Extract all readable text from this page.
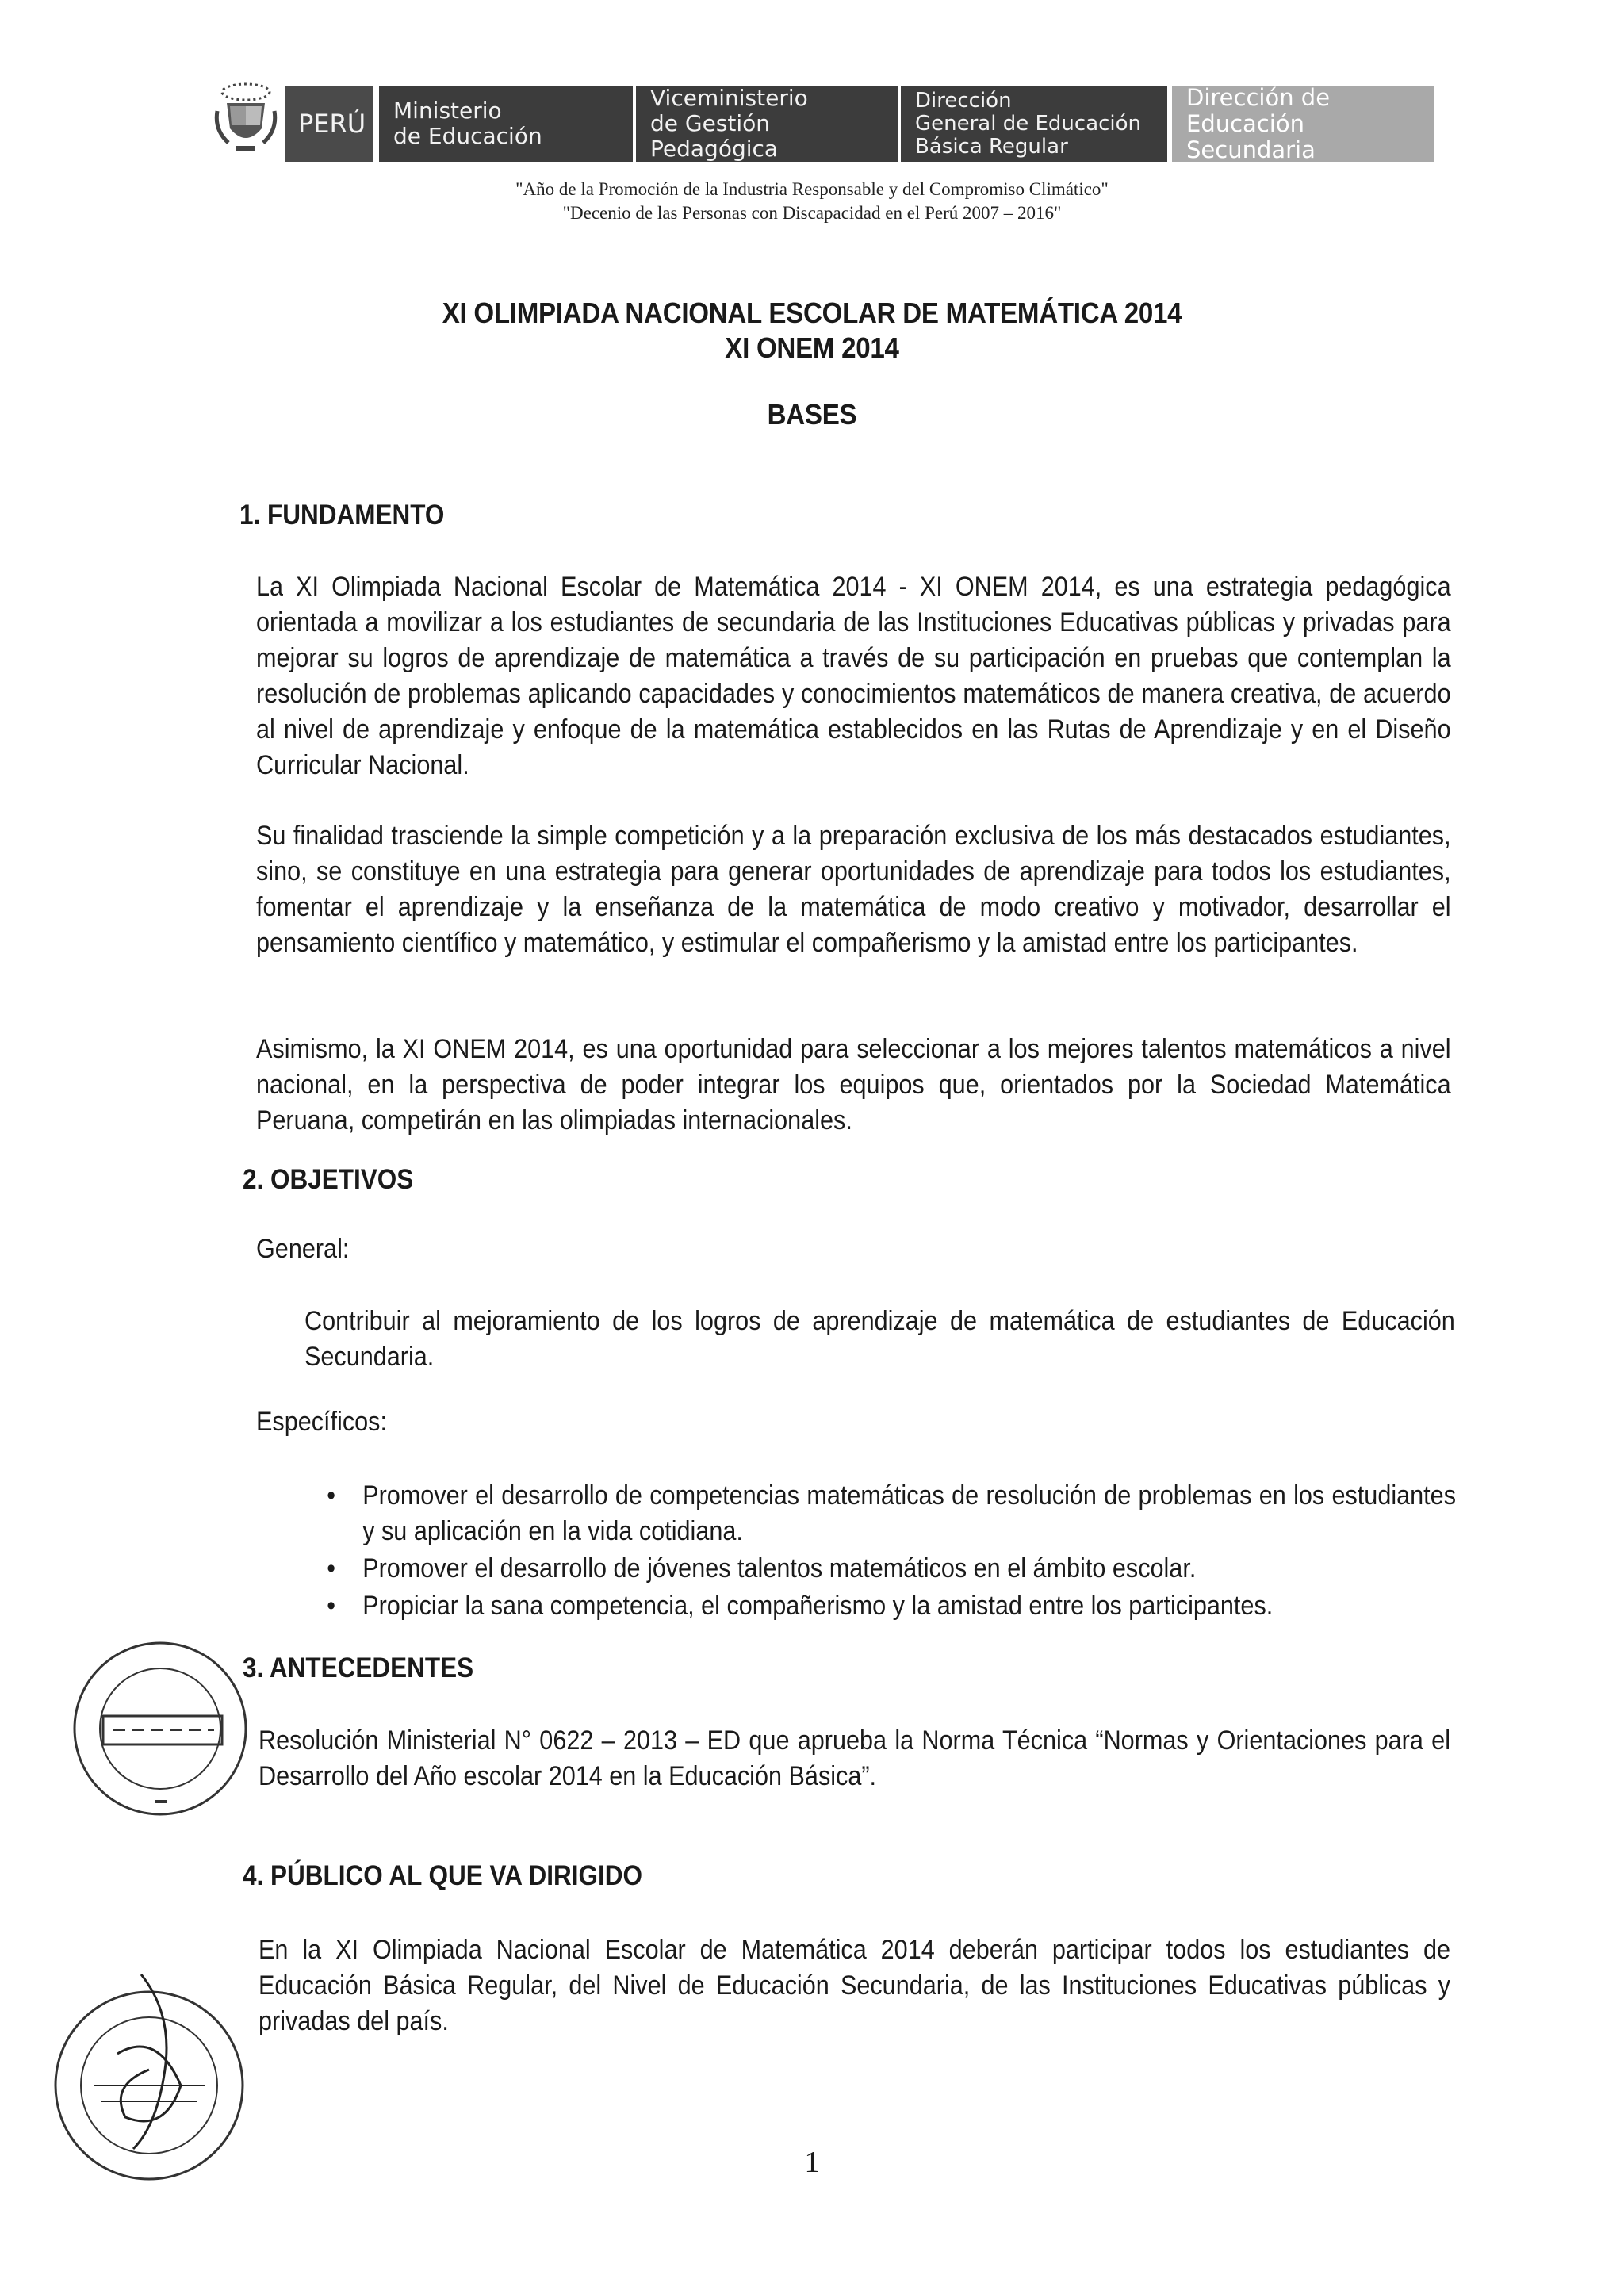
PERÚ Ministerio
de Educación
Viceministerio
de Gestión Pedagógica
Dirección
General de Educación
Básica Regular
Dirección de
Educación Secundaria
"Año de la Promoción de la Industria Responsable y del Compromiso Climático"
"Decenio de las Personas con Discapacidad en el Perú 2007 – 2016"
XI OLIMPIADA NACIONAL ESCOLAR DE MATEMÁTICA 2014
XI ONEM 2014
BASES
1. FUNDAMENTO
La XI Olimpiada Nacional Escolar de Matemática 2014 - XI ONEM 2014, es una estrategia pedagógica orientada a movilizar a los estudiantes de secundaria de las Instituciones Educativas públicas y privadas para mejorar su logros de aprendizaje de matemática a través de su participación en pruebas que contemplan la resolución de problemas aplicando capacidades y conocimientos matemáticos de manera creativa, de acuerdo al nivel de aprendizaje y enfoque de la matemática establecidos en las Rutas de Aprendizaje y en el Diseño Curricular Nacional.
Su finalidad trasciende la simple competición y a la preparación exclusiva de los más destacados estudiantes, sino, se constituye en una estrategia para generar oportunidades de aprendizaje para todos los estudiantes, fomentar el aprendizaje y la enseñanza de la matemática de modo creativo y motivador, desarrollar el pensamiento científico y matemático, y estimular el compañerismo y la amistad entre los participantes.
Asimismo, la XI ONEM 2014, es una oportunidad para seleccionar a los mejores talentos matemáticos a nivel nacional, en la perspectiva de poder integrar los equipos que, orientados por la Sociedad Matemática Peruana, competirán en las olimpiadas internacionales.
2. OBJETIVOS
General:
Contribuir al mejoramiento de los logros de aprendizaje de matemática de estudiantes de Educación Secundaria.
Específicos:
• Promover el desarrollo de competencias matemáticas de resolución de problemas en los estudiantes y su aplicación en la vida cotidiana.
• Promover el desarrollo de jóvenes talentos matemáticos en el ámbito escolar.
• Propiciar la sana competencia, el compañerismo y la amistad entre los participantes.
3. ANTECEDENTES
Resolución Ministerial N° 0622 – 2013 – ED que aprueba la Norma Técnica “Normas y Orientaciones para el Desarrollo del Año escolar 2014 en la Educación Básica”.
4. PÚBLICO AL QUE VA DIRIGIDO
En la XI Olimpiada Nacional Escolar de Matemática 2014 deberán participar todos los estudiantes de Educación Básica Regular, del Nivel de Educación Secundaria, de las Instituciones Educativas públicas y privadas del país.
1
